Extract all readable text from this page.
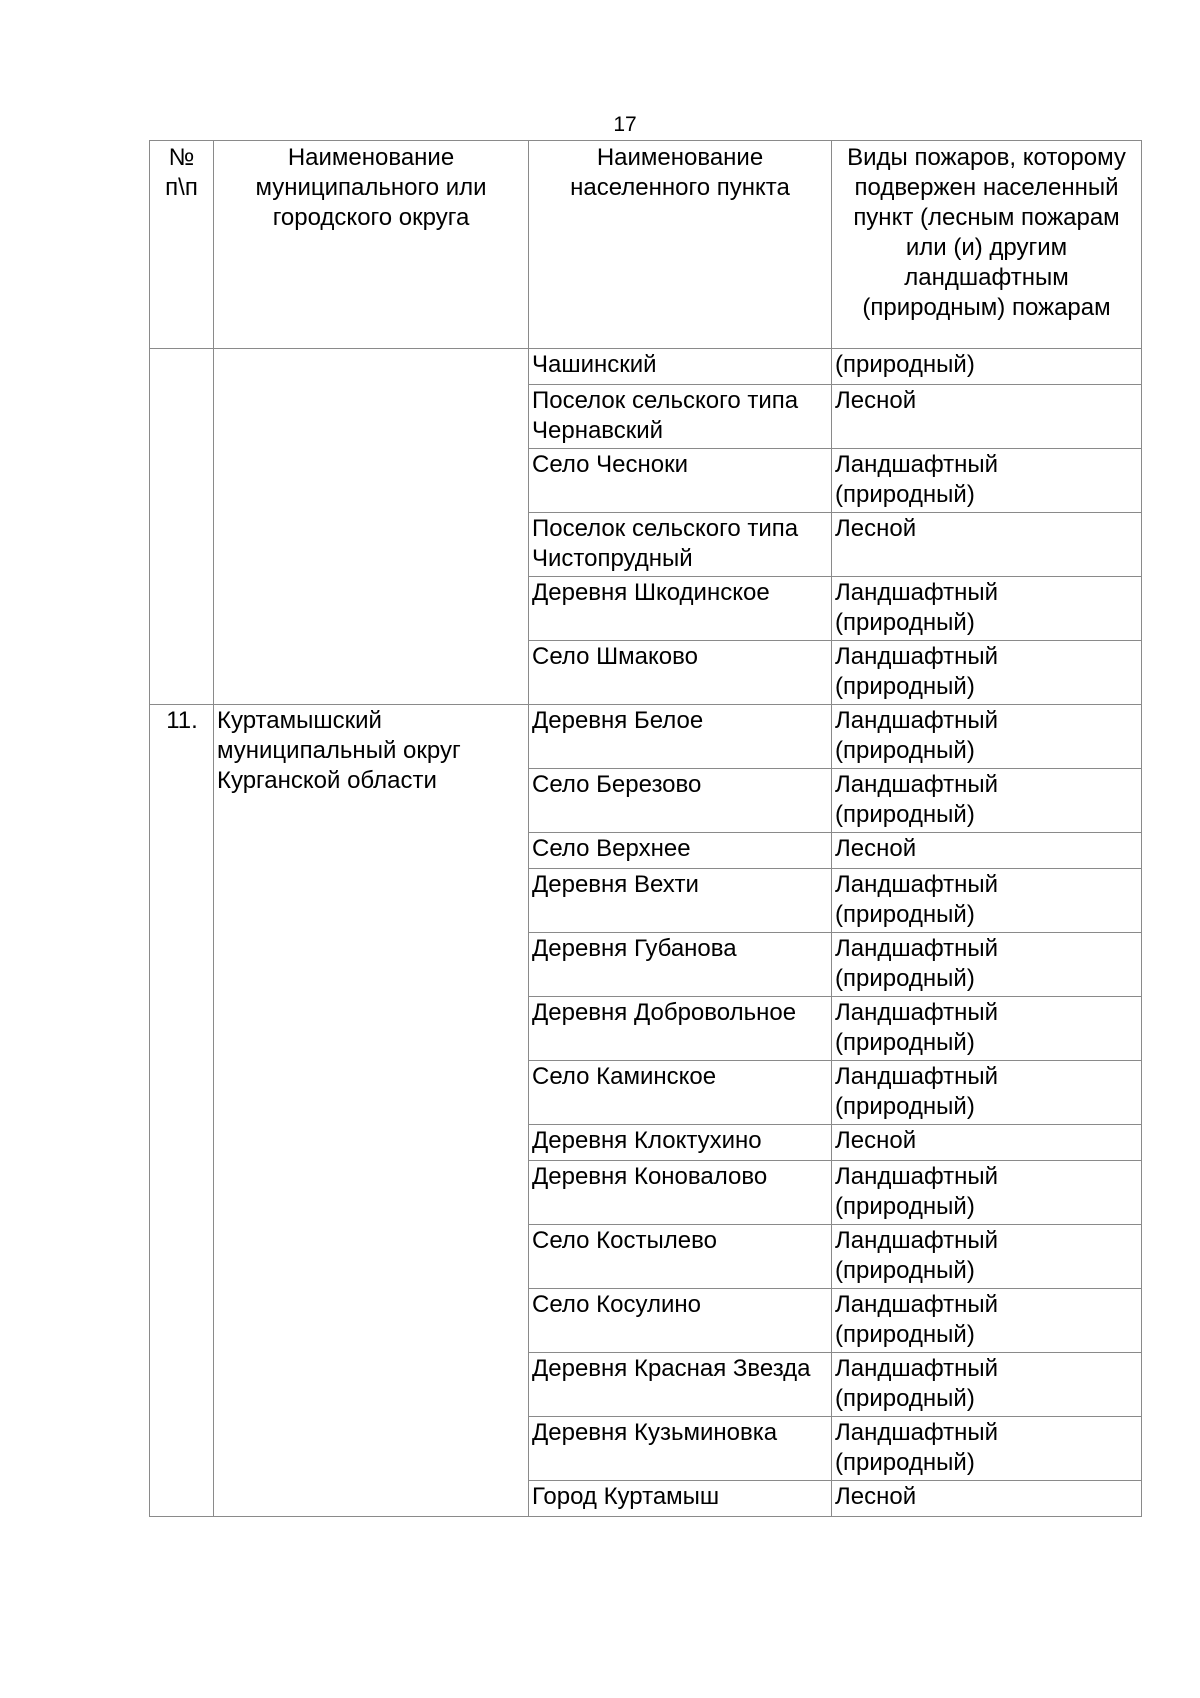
17
№ п\п	Наименование муниципального или городского округа	Наименование населенного пункта	Виды пожаров, которому подвержен населенный пункт (лесным пожарам или (и) другим ландшафтным (природным) пожарам
		Чашинский	(природный)
		Поселок сельского типа Чернавский	Лесной
		Село Чесноки	Ландшафтный (природный)
		Поселок сельского типа Чистопрудный	Лесной
		Деревня Шкодинское	Ландшафтный (природный)
		Село Шмаково	Ландшафтный (природный)
11.	Куртамышский муниципальный округ Курганской области	Деревня Белое	Ландшафтный (природный)
		Село Березово	Ландшафтный (природный)
		Село Верхнее	Лесной
		Деревня Вехти	Ландшафтный (природный)
		Деревня Губанова	Ландшафтный (природный)
		Деревня Добровольное	Ландшафтный (природный)
		Село Каминское	Ландшафтный (природный)
		Деревня Клоктухино	Лесной
		Деревня Коновалово	Ландшафтный (природный)
		Село Костылево	Ландшафтный (природный)
		Село Косулино	Ландшафтный (природный)
		Деревня Красная Звезда	Ландшафтный (природный)
		Деревня Кузьминовка	Ландшафтный (природный)
		Город Куртамыш	Лесной
